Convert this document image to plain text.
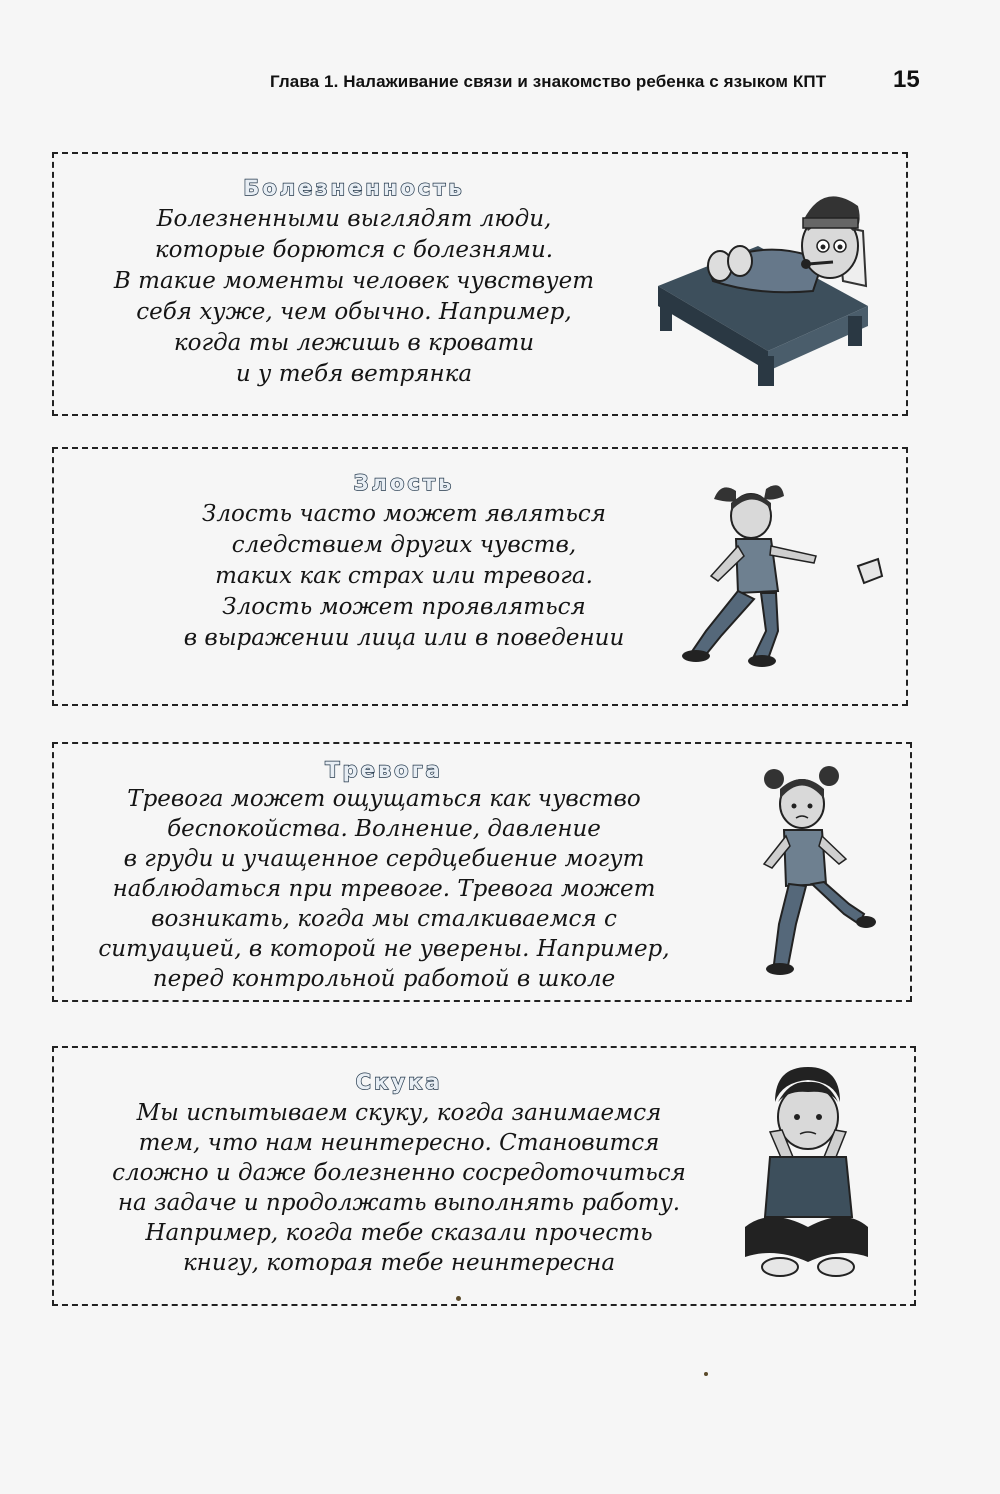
Глава 1. Налаживание связи и знакомство ребенка с языком КПТ	15
Болезненность
Болезненными выглядят люди,
которые борются с болезнями.
В такие моменты человек чувствует
себя хуже, чем обычно. Например,
когда ты лежишь в кровати
и у тебя ветрянка
Злость
Злость часто может являться
следствием других чувств,
таких как страх или тревога.
Злость может проявляться
в выражении лица или в поведении
Тревога
Тревога может ощущаться как чувство
беспокойства. Волнение, давление
в груди и учащенное сердцебиение могут
наблюдаться при тревоге. Тревога может
возникать, когда мы сталкиваемся с
ситуацией, в которой не уверены. Например,
перед контрольной работой в школе
Скука
Мы испытываем скуку, когда занимаемся
тем, что нам неинтересно. Становится
сложно и даже болезненно сосредоточиться
на задаче и продолжать выполнять работу.
Например, когда тебе сказали прочесть
книгу, которая тебе неинтересна
